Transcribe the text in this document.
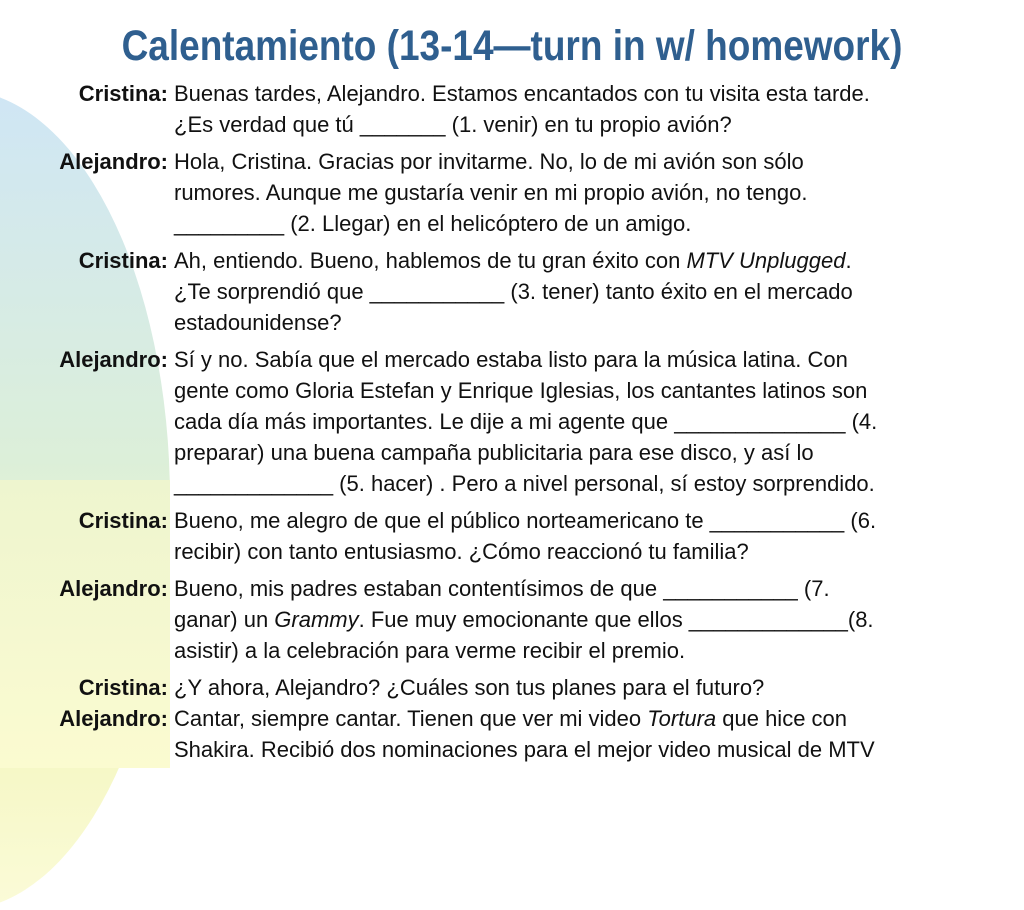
Calentamiento (13-14—turn in w/ homework)
Cristina: Buenas tardes, Alejandro. Estamos encantados con tu visita esta tarde.
¿Es verdad que tú _______ (1. venir) en tu propio avión?
Alejandro: Hola, Cristina. Gracias por invitarme. No, lo de mi avión son sólo
rumores. Aunque me gustaría venir en mi propio avión, no tengo.
_________ (2. Llegar) en el helicóptero de un amigo.
Cristina: Ah, entiendo. Bueno, hablemos de tu gran éxito con MTV Unplugged.
¿Te sorprendió que ___________ (3. tener) tanto éxito en el mercado
estadounidense?
Alejandro: Sí y no. Sabía que el mercado estaba listo para la música latina. Con
gente como Gloria Estefan y Enrique Iglesias, los cantantes latinos son
cada día más importantes. Le dije a mi agente que ______________ (4.
preparar) una buena campaña publicitaria para ese disco, y así lo
_____________ (5. hacer) . Pero a nivel personal, sí estoy sorprendido.
Cristina: Bueno, me alegro de que el público norteamericano te ___________ (6.
recibir) con tanto entusiasmo. ¿Cómo reaccionó tu familia?
Alejandro: Bueno, mis padres estaban contentísimos de que ___________ (7.
ganar) un Grammy. Fue muy emocionante que ellos _____________(8.
asistir) a la celebración para verme recibir el premio.
Cristina: ¿Y ahora, Alejandro? ¿Cuáles son tus planes para el futuro?
Alejandro: Cantar, siempre cantar. Tienen que ver mi video Tortura que hice con
Shakira. Recibió dos nominaciones para el mejor video musical de MTV
